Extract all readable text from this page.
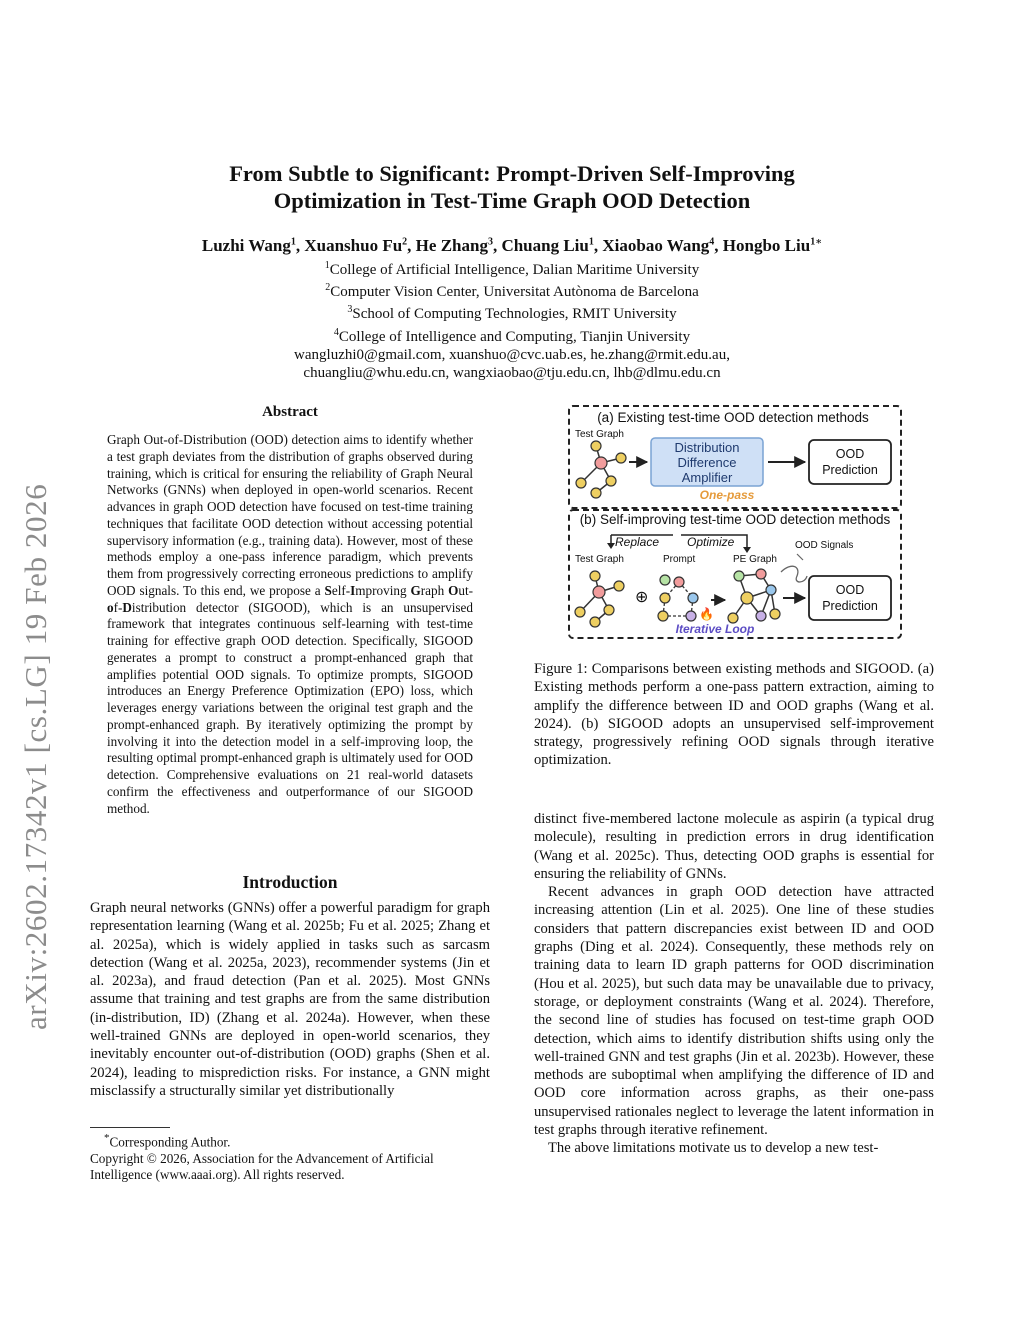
arXiv:2602.17342v1 [cs.LG] 19 Feb 2026
From Subtle to Significant: Prompt-Driven Self-Improving
Optimization in Test-Time Graph OOD Detection
Luzhi Wang$^1$, Xuanshuo Fu$^2$, He Zhang$^3$, Chuang Liu$^1$, Xiaobao Wang$^4$, Hongbo Liu$^{1∗}$
$^1$College of Artificial Intelligence, Dalian Maritime University
$^2$Computer Vision Center, Universitat Autònoma de Barcelona
$^3$School of Computing Technologies, RMIT University
$^4$College of Intelligence and Computing, Tianjin University
wangluzhi0@gmail.com, xuanshuo@cvc.uab.es, he.zhang@rmit.edu.au,
chuangliu@whu.edu.cn, wangxiaobao@tju.edu.cn, lhb@dlmu.edu.cn
Abstract
Graph Out-of-Distribution (OOD) detection aims to identify whether a test graph deviates from the distribution of graphs observed during training, which is critical for ensuring the reliability of Graph Neural Networks (GNNs) when deployed in open-world scenarios. Recent advances in graph OOD detection have focused on test-time training techniques that facilitate OOD detection without accessing potential supervisory information (e.g., training data). However, most of these methods employ a one-pass inference paradigm, which prevents them from progressively correcting erroneous predictions to amplify OOD signals. To this end, we propose a Self-Improving Graph Out-of-Distribution detector (SIGOOD), which is an unsupervised framework that integrates continuous self-learning with test-time training for effective graph OOD detection. Specifically, SIGOOD generates a prompt to construct a prompt-enhanced graph that amplifies potential OOD signals. To optimize prompts, SIGOOD introduces an Energy Preference Optimization (EPO) loss, which leverages energy variations between the original test graph and the prompt-enhanced graph. By iteratively optimizing the prompt by involving it into the detection model in a self-improving loop, the resulting optimal prompt-enhanced graph is ultimately used for OOD detection. Comprehensive evaluations on 21 real-world datasets confirm the effectiveness and outperformance of our SIGOOD method.
Introduction

Graph neural networks (GNNs) offer a powerful paradigm for graph representation learning (Wang et al. 2025b; Fu et al. 2025; Zhang et al. 2025a), which is widely applied in tasks such as sarcasm detection (Wang et al. 2025a, 2023), recommender systems (Jin et al. 2023a), and fraud detection (Pan et al. 2025). Most GNNs assume that training and test graphs are from the same distribution (in-distribution, ID) (Zhang et al. 2024a). However, when these well-trained GNNs are deployed in open-world scenarios, they inevitably encounter out-of-distribution (OOD) graphs (Shen et al. 2024), leading to misprediction risks. For instance, a GNN might misclassify a structurally similar yet distributionally

*Corresponding Author.

Copyright © 2026, Association for the Advancement of Artificial Intelligence (www.aaai.org). All rights reserved.

(a) Existing test-time OOD detection methods
Test Graph
Distribution
Difference
Amplifier
One-pass
OOD
Prediction
(b) Self-improving test-time OOD detection methods
Replace Optimize
Test Graph	Prompt	PE Graph
OOD Signals
⊕
🔥
OOD
Prediction
Iterative Loop
Figure 1: Comparisons between existing methods and SIGOOD. (a) Existing methods perform a one-pass pattern extraction, aiming to amplify the difference between ID and OOD graphs (Wang et al. 2024). (b) SIGOOD adopts an unsupervised self-improvement strategy, progressively refining OOD signals through iterative optimization.

distinct five-membered lactone molecule as aspirin (a typical drug molecule), resulting in prediction errors in drug identification (Wang et al. 2025c). Thus, detecting OOD graphs is essential for ensuring the reliability of GNNs.

Recent advances in graph OOD detection have attracted increasing attention (Lin et al. 2025). One line of these studies considers that pattern discrepancies exist between ID and OOD graphs (Ding et al. 2024). Consequently, these methods rely on training data to learn ID graph patterns for OOD discrimination (Hou et al. 2025), but such data may be unavailable due to privacy, storage, or deployment constraints (Wang et al. 2024). Therefore, the second line of studies has focused on test-time graph OOD detection, which aims to identify distribution shifts using only the well-trained GNN and test graphs (Jin et al. 2023b). However, these methods are suboptimal when amplifying the difference of ID and OOD core information across graphs, as their one-pass unsupervised rationales neglect to leverage the latent information in test graphs through iterative refinement.

The above limitations motivate us to develop a new test-
